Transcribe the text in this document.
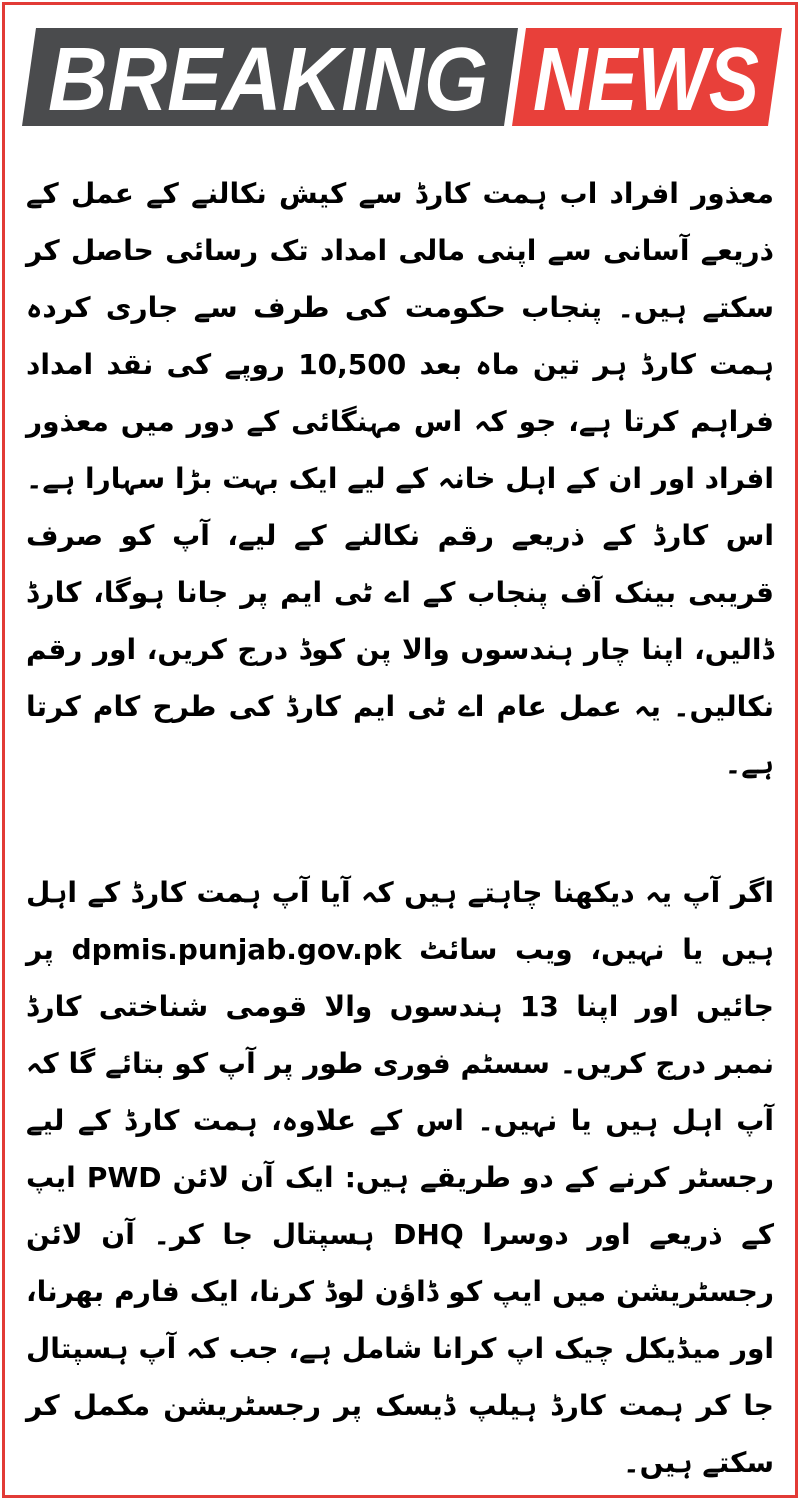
BREAKING NEWS

معذور افراد اب ہمت کارڈ سے کیش نکالنے کے عمل کے ذریعے آسانی سے اپنی مالی امداد تک رسائی حاصل کر سکتے ہیں۔ پنجاب حکومت کی طرف سے جاری کردہ ہمت کارڈ ہر تین ماہ بعد 10,500 روپے کی نقد امداد فراہم کرتا ہے، جو کہ اس مہنگائی کے دور میں معذور افراد اور ان کے اہل خانہ کے لیے ایک بہت بڑا سہارا ہے۔ اس کارڈ کے ذریعے رقم نکالنے کے لیے، آپ کو صرف قریبی بینک آف پنجاب کے اے ٹی ایم پر جانا ہوگا، کارڈ ڈالیں، اپنا چار ہندسوں والا پن کوڈ درج کریں، اور رقم نکالیں۔ یہ عمل عام اے ٹی ایم کارڈ کی طرح کام کرتا ہے۔

اگر آپ یہ دیکھنا چاہتے ہیں کہ آیا آپ ہمت کارڈ کے اہل ہیں یا نہیں، ویب سائٹ dpmis.punjab.gov.pk پر جائیں اور اپنا 13 ہندسوں والا قومی شناختی کارڈ نمبر درج کریں۔ سسٹم فوری طور پر آپ کو بتائے گا کہ آپ اہل ہیں یا نہیں۔ اس کے علاوہ، ہمت کارڈ کے لیے رجسٹر کرنے کے دو طریقے ہیں: ایک آن لائن PWD ایپ کے ذریعے اور دوسرا DHQ ہسپتال جا کر۔ آن لائن رجسٹریشن میں ایپ کو ڈاؤن لوڈ کرنا، ایک فارم بھرنا، اور میڈیکل چیک اپ کرانا شامل ہے، جب کہ آپ ہسپتال جا کر ہمت کارڈ ہیلپ ڈیسک پر رجسٹریشن مکمل کر سکتے ہیں۔
